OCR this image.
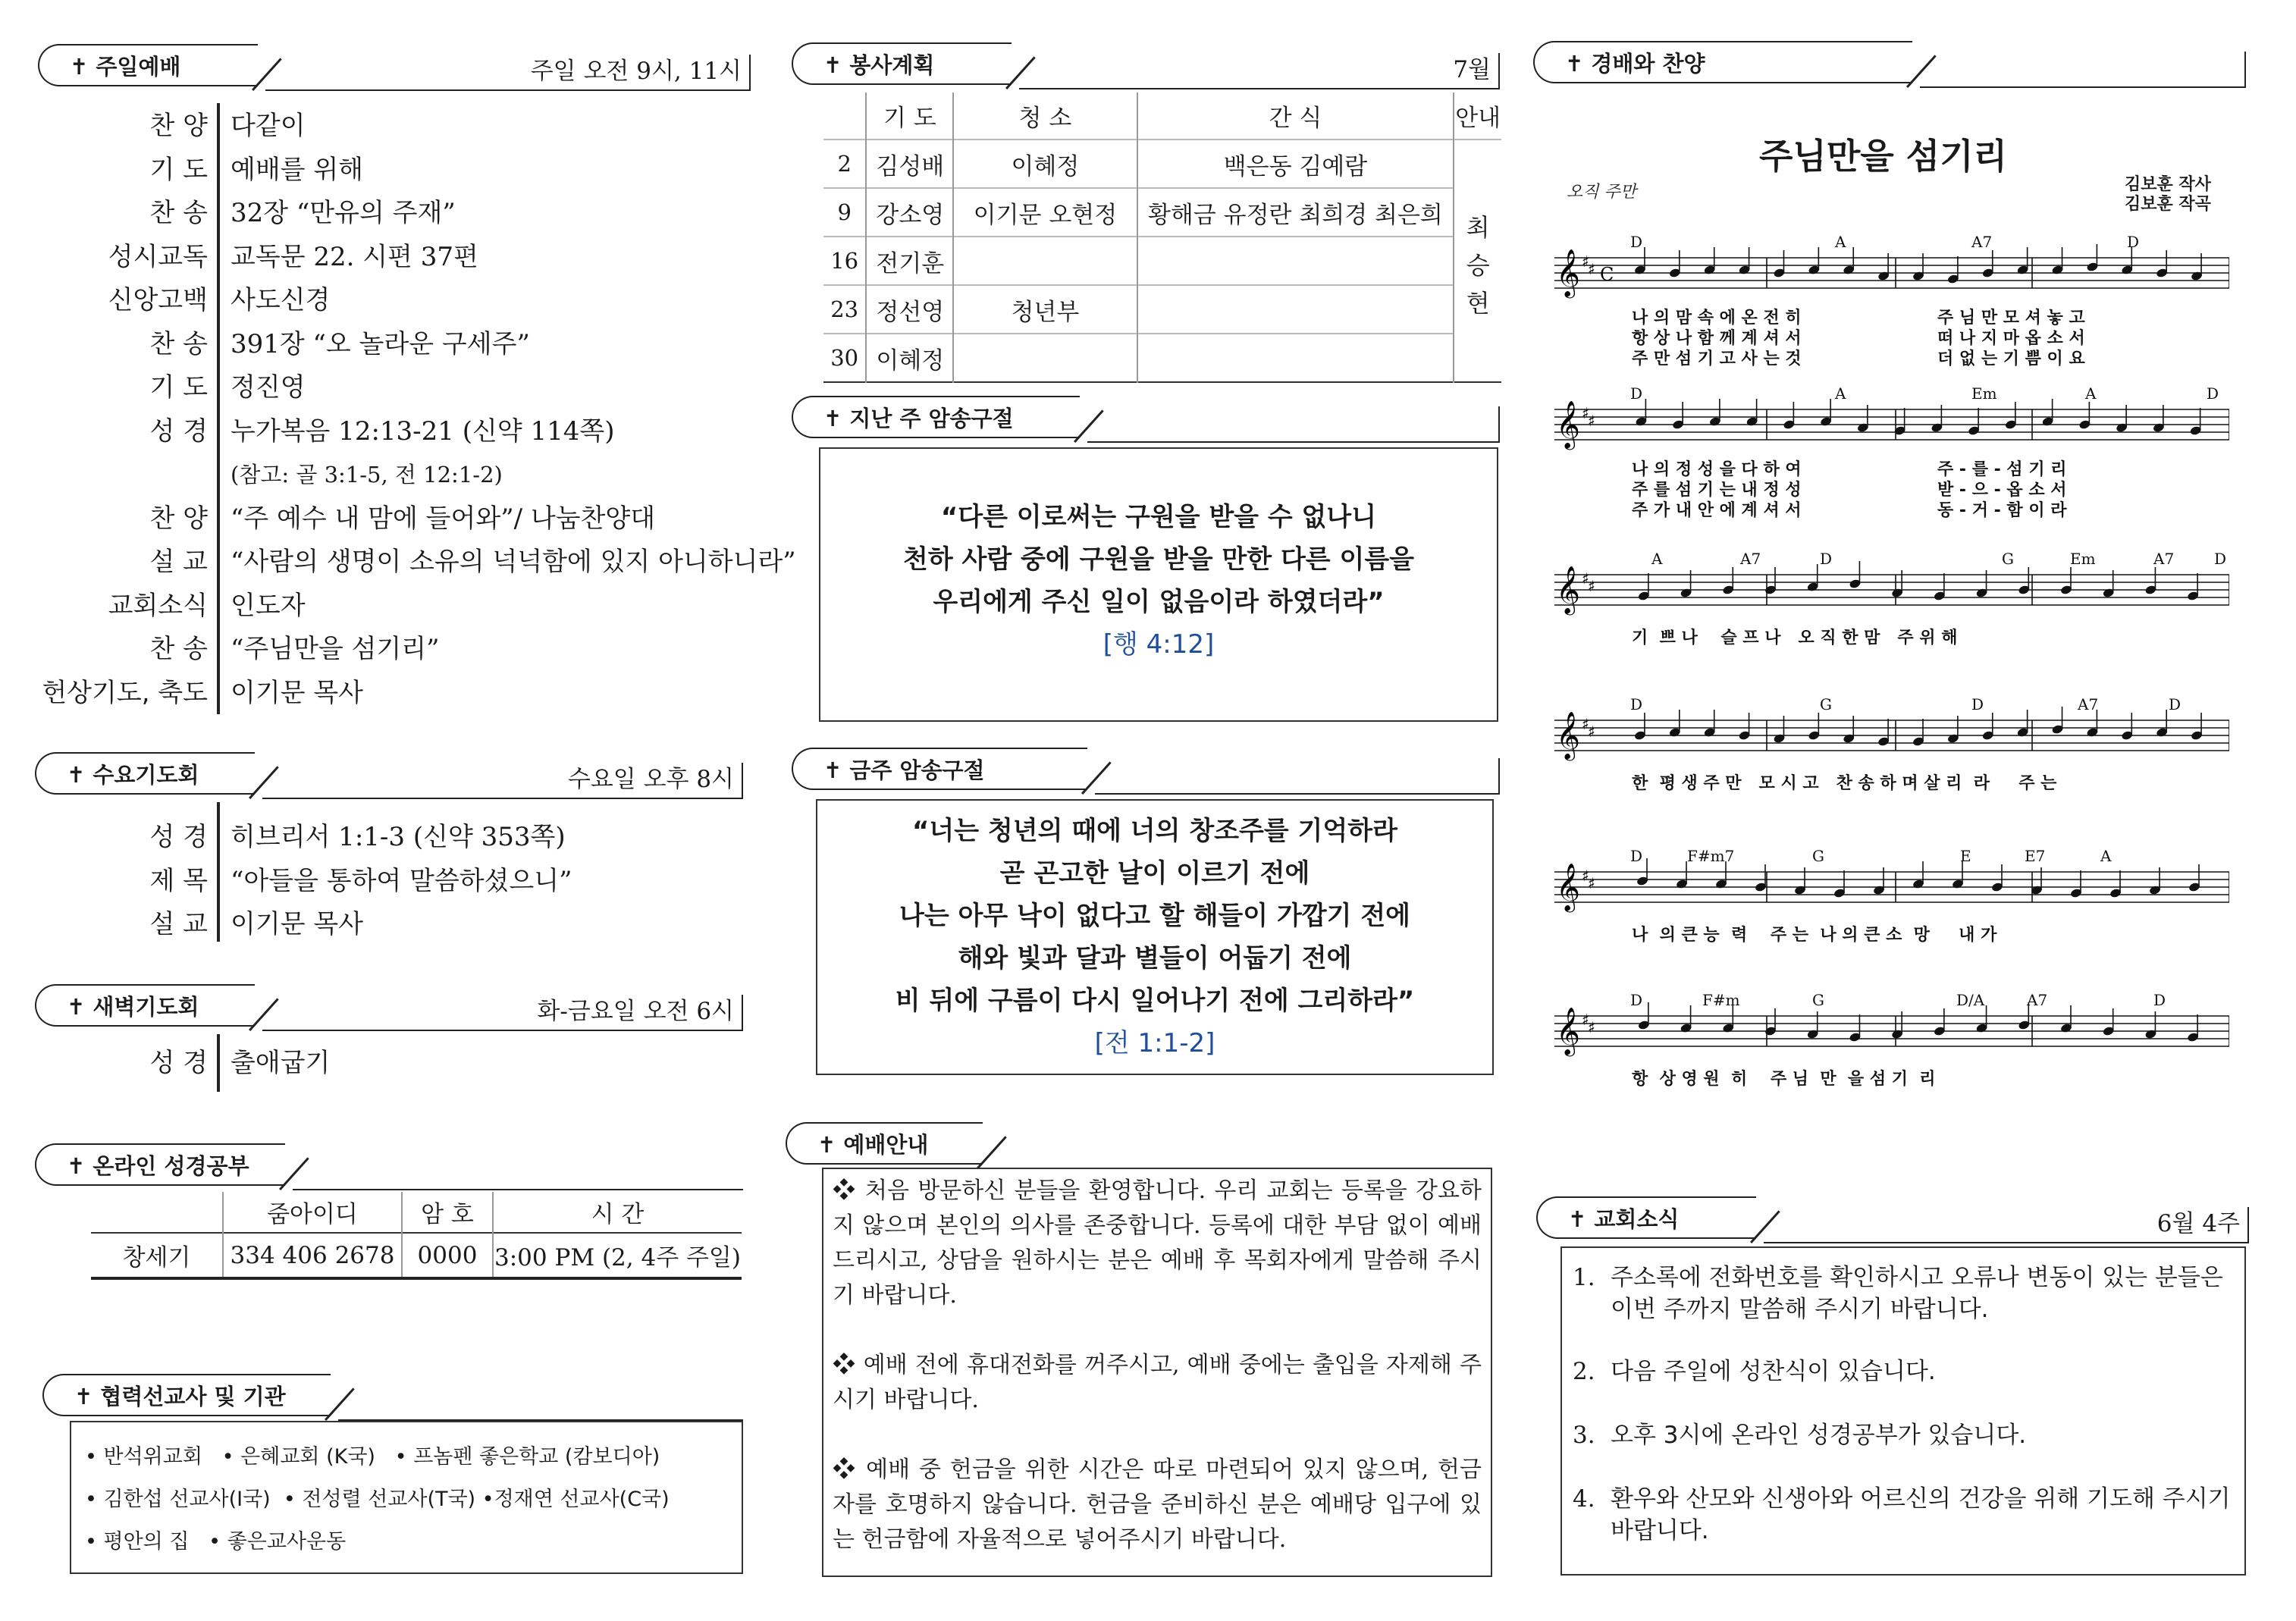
✝ 주일예배	주일 오전 9시, 11시
✝ 수요기도회	수요일 오후 8시
✝ 새벽기도회	화-금요일 오전 6시
✝ 온라인 성경공부
	줌아이디	암 호	시 간
창세기	334 406 2678	0000	3:00 PM (2, 4주 주일)
✝ 협력선교사 및 기관
• 반석위교회   • 은혜교회 (K국)   • 프놈펜 좋은학교 (캄보디아)
• 김한섭 선교사(I국)  • 전성렬 선교사(T국) •정재연 선교사(C국)
• 평안의 집   • 좋은교사운동
✝ 봉사계획	7월
	기 도	청 소	간 식	안내
2	김성배	이혜정	백은동 김예람	최 승 현
9	강소영	이기문 오현정	황해금 유정란 최희경 최은희	
16	전기훈			
23	정선영	청년부		
30	이혜정			
✝ 지난 주 암송구절
“다른 이로써는 구원을 받을 수 없나니
천하 사람 중에 구원을 받을 만한 다른 이름을
우리에게 주신 일이 없음이라 하였더라”
[행 4:12]
✝ 금주 암송구절
“너는 청년의 때에 너의 창조주를 기억하라
곧 곤고한 날이 이르기 전에
나는 아무 낙이 없다고 할 해들이 가깝기 전에
해와 빛과 달과 별들이 어둡기 전에
비 뒤에 구름이 다시 일어나기 전에 그리하라”
[전 1:1-2]
✝ 예배안내

❖ 처음 방문하신 분들을 환영합니다. 우리 교회는 등록을 강요하지 않으며 본인의 의사를 존중합니다. 등록에 대한 부담 없이 예배드리시고, 상담을 원하시는 분은 예배 후 목회자에게 말씀해 주시기 바랍니다.

❖ 예배 전에 휴대전화를 꺼주시고, 예배 중에는 출입을 자제해 주시기 바랍니다.

❖ 예배 중 헌금을 위한 시간은 따로 마련되어 있지 않으며, 헌금자를 호명하지 않습니다. 헌금을 준비하신 분은 예배당 입구에 있는 헌금함에 자율적으로 넣어주시기 바랍니다.

✝ 경배와 찬양
주님만을 섬기리
김보훈 작사
김보훈 작곡
오직 주만
𝄞 ♯
♯ C
D	A	A7	D
나 의 맘 속 에 온 전 히	주 님 만 모 셔 놓 고
항 상 나 함 께 계 셔 서	떠 나 지 마 옵 소 서
주 만 섬 기 고 사 는 것	더 없 는 기 쁨 이 요
𝄞 ♯
♯
D	A	Em	A	D
나 의 정 성 을 다 하 여	주 - 를 - 섬 기 리
주 를 섬 기 는 내 정 성	받 - 으 - 옵 소 서
주 가 내 안 에 계 셔 서	동 - 거 - 함 이 라
𝄞 ♯
♯
A	A7	D	G	Em	A7	D
기  쁘 나    슬 프 나   오 직 한 맘   주 위 해
𝄞 ♯
♯
D	G	D	A7	D
한  평 생 주 만   모 시 고   찬 송 하 며 살 리  라     주 는
𝄞 ♯
♯
D	F#m7	G	E	E7	A
나  의 큰 능  력    주 는  나 의 큰 소  망     내 가
𝄞 ♯
♯
D	F#m	G	D/A	A7	D
항  상 영 원  히    주 님  만  을 섬 기  리
✝ 교회소식	6월 4주
1. 주소록에 전화번호를 확인하시고 오류나 변동이 있는 분들은 이번 주까지 말씀해 주시기 바랍니다.
2. 다음 주일에 성찬식이 있습니다.
3. 오후 3시에 온라인 성경공부가 있습니다.
4. 환우와 산모와 신생아와 어르신의 건강을 위해 기도해 주시기 바랍니다.
찬 양 다같이
기 도 예배를 위해
찬 송 32장 “만유의 주재”
성시교독 교독문 22. 시편 37편
신앙고백 사도신경
찬 송 391장 “오 놀라운 구세주”
기 도 정진영
성 경 누가복음 12:13-21 (신약 114쪽)
(참고: 골 3:1-5, 전 12:1-2)
찬 양 “주 예수 내 맘에 들어와”/ 나눔찬양대
설 교 “사람의 생명이 소유의 넉넉함에 있지 아니하니라”
교회소식 인도자
찬 송 “주님만을 섬기리”
헌상기도, 축도 이기문 목사
성 경 히브리서 1:1-3 (신약 353쪽)
제 목 “아들을 통하여 말씀하셨으니”
설 교 이기문 목사
성 경 출애굽기
